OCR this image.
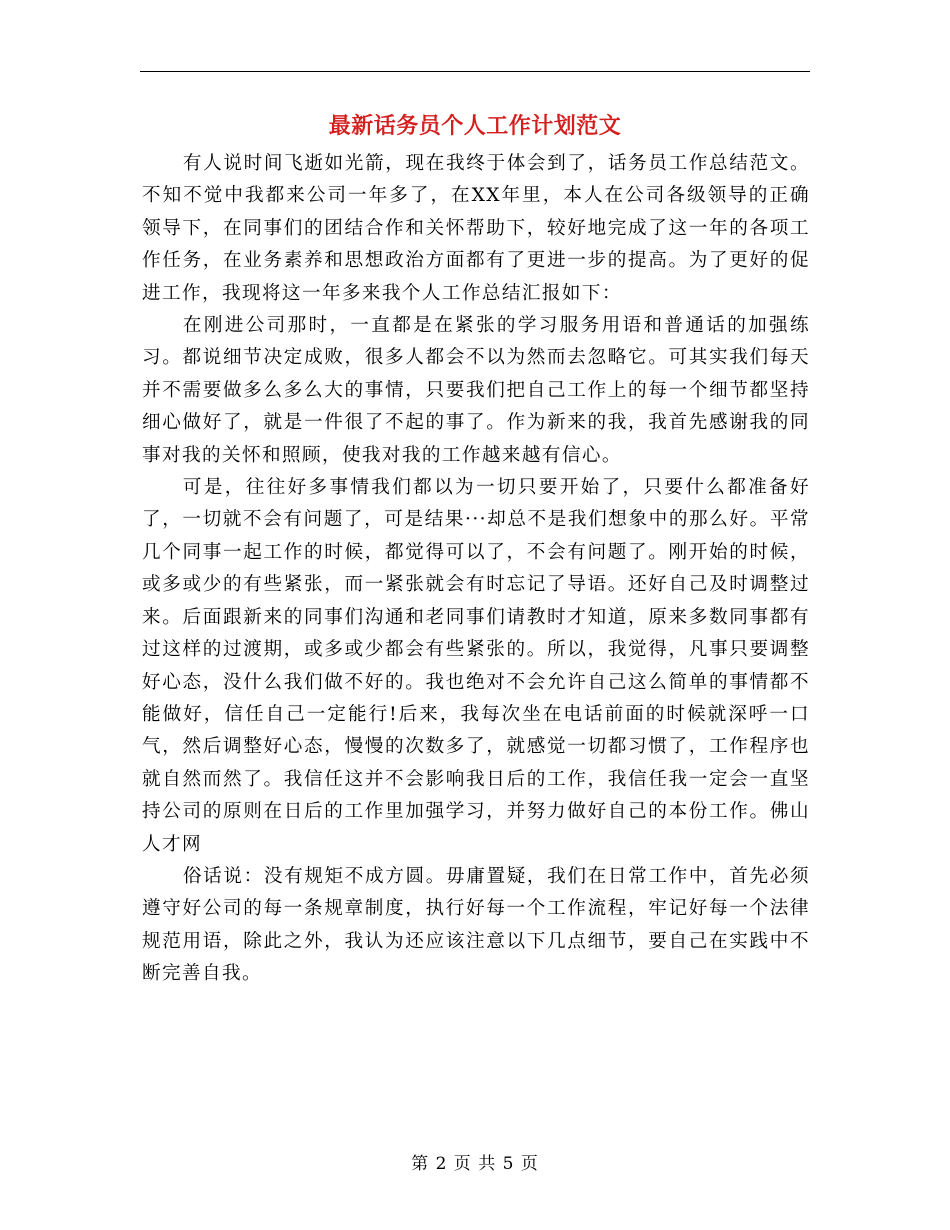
最新话务员个人工作计划范文

有人说时间飞逝如光箭，现在我终于体会到了，话务员工作总结范文。不知不觉中我都来公司一年多了，在XX年里，本人在公司各级领导的正确领导下，在同事们的团结合作和关怀帮助下，较好地完成了这一年的各项工作任务，在业务素养和思想政治方面都有了更进一步的提高。为了更好的促进工作，我现将这一年多来我个人工作总结汇报如下：

在刚进公司那时，一直都是在紧张的学习服务用语和普通话的加强练习。都说细节决定成败，很多人都会不以为然而去忽略它。可其实我们每天并不需要做多么多么大的事情，只要我们把自己工作上的每一个细节都坚持细心做好了，就是一件很了不起的事了。作为新来的我，我首先感谢我的同事对我的关怀和照顾，使我对我的工作越来越有信心。

可是，往往好多事情我们都以为一切只要开始了，只要什么都准备好了，一切就不会有问题了，可是结果···却总不是我们想象中的那么好。平常几个同事一起工作的时候，都觉得可以了，不会有问题了。刚开始的时候，或多或少的有些紧张，而一紧张就会有时忘记了导语。还好自己及时调整过来。后面跟新来的同事们沟通和老同事们请教时才知道，原来多数同事都有过这样的过渡期，或多或少都会有些紧张的。所以，我觉得，凡事只要调整好心态，没什么我们做不好的。我也绝对不会允许自己这么简单的事情都不能做好，信任自己一定能行!后来，我每次坐在电话前面的时候就深呼一口气，然后调整好心态，慢慢的次数多了，就感觉一切都习惯了，工作程序也就自然而然了。我信任这并不会影响我日后的工作，我信任我一定会一直坚持公司的原则在日后的工作里加强学习，并努力做好自己的本份工作。佛山人才网

俗话说：没有规矩不成方圆。毋庸置疑，我们在日常工作中，首先必须遵守好公司的每一条规章制度，执行好每一个工作流程，牢记好每一个法律规范用语，除此之外，我认为还应该注意以下几点细节，要自己在实践中不断完善自我。

第 2 页 共 5 页
